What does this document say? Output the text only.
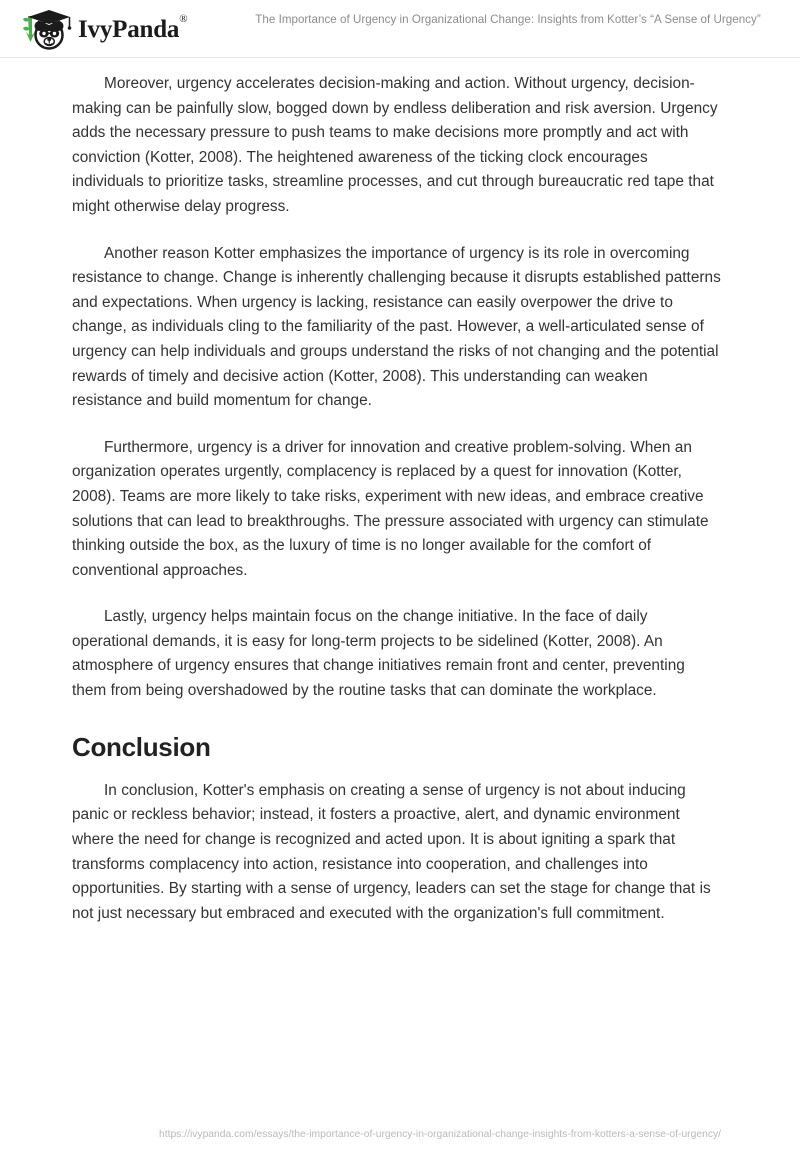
IvyPanda®	The Importance of Urgency in Organizational Change: Insights from Kotter’s “A Sense of Urgency”

Moreover, urgency accelerates decision-making and action. Without urgency, decision-making can be painfully slow, bogged down by endless deliberation and risk aversion. Urgency adds the necessary pressure to push teams to make decisions more promptly and act with conviction (Kotter, 2008). The heightened awareness of the ticking clock encourages individuals to prioritize tasks, streamline processes, and cut through bureaucratic red tape that might otherwise delay progress.

Another reason Kotter emphasizes the importance of urgency is its role in overcoming resistance to change. Change is inherently challenging because it disrupts established patterns and expectations. When urgency is lacking, resistance can easily overpower the drive to change, as individuals cling to the familiarity of the past. However, a well-articulated sense of urgency can help individuals and groups understand the risks of not changing and the potential rewards of timely and decisive action (Kotter, 2008). This understanding can weaken resistance and build momentum for change.

Furthermore, urgency is a driver for innovation and creative problem-solving. When an organization operates urgently, complacency is replaced by a quest for innovation (Kotter, 2008). Teams are more likely to take risks, experiment with new ideas, and embrace creative solutions that can lead to breakthroughs. The pressure associated with urgency can stimulate thinking outside the box, as the luxury of time is no longer available for the comfort of conventional approaches.

Lastly, urgency helps maintain focus on the change initiative. In the face of daily operational demands, it is easy for long-term projects to be sidelined (Kotter, 2008). An atmosphere of urgency ensures that change initiatives remain front and center, preventing them from being overshadowed by the routine tasks that can dominate the workplace.

Conclusion

In conclusion, Kotter's emphasis on creating a sense of urgency is not about inducing panic or reckless behavior; instead, it fosters a proactive, alert, and dynamic environment where the need for change is recognized and acted upon. It is about igniting a spark that transforms complacency into action, resistance into cooperation, and challenges into opportunities. By starting with a sense of urgency, leaders can set the stage for change that is not just necessary but embraced and executed with the organization's full commitment.

https://ivypanda.com/essays/the-importance-of-urgency-in-organizational-change-insights-from-kotters-a-sense-of-urgency/
